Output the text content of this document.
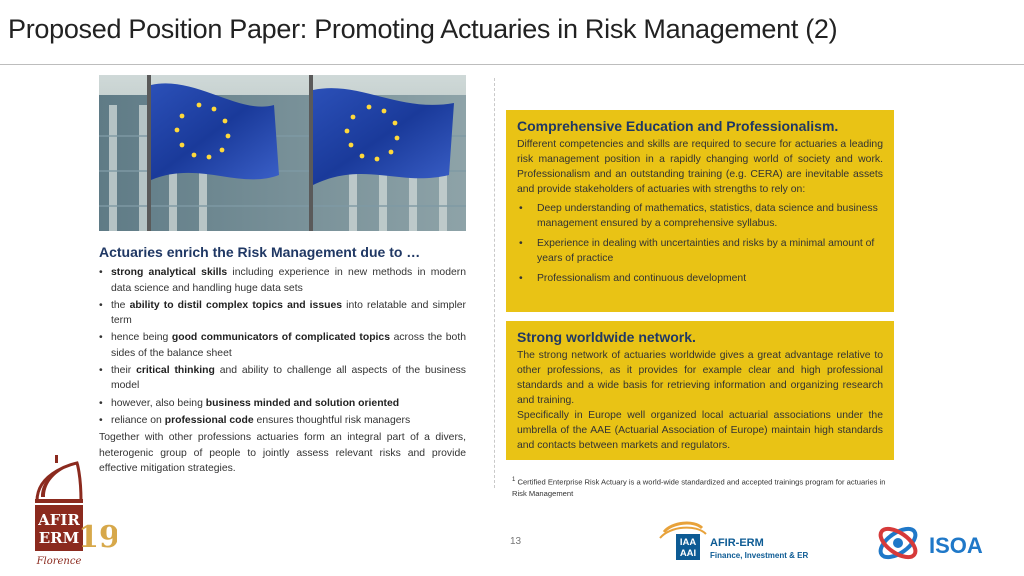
Proposed Position Paper: Promoting Actuaries in Risk Management (2)
Actuaries enrich the Risk Management due to …
• strong analytical skills including experience in new methods in modern data science and handling huge data sets
• the ability to distil complex topics and issues into relatable and simpler term
• hence being good communicators of complicated topics across the both sides of the balance sheet
• their critical thinking and ability to challenge all aspects of the business model
• however, also being business minded and solution oriented
• reliance on professional code ensures thoughtful risk managers

Together with other professions actuaries form an integral part of a divers, heterogenic group of people to jointly assess relevant risks and provide effective mitigation strategies.

Comprehensive Education and Professionalism.

Different competencies and skills are required to secure for actuaries a leading risk management position in a rapidly changing world of society and work. Professionalism and an outstanding training (e.g. CERA) are inevitable assets and provide stakeholders of actuaries with strengths to rely on:

• Deep understanding of mathematics, statistics, data science and business management ensured by a comprehensive syllabus.
• Experience in dealing with uncertainties and risks by a minimal amount of years of practice
• Professionalism and continuous development
Strong worldwide network.

The strong network of actuaries worldwide gives a great advantage relative to other professions, as it provides for example clear and high professional standards and a wide basis for retrieving information and organizing research and training.

Specifically in Europe well organized local actuarial associations under the umbrella of the AAE (Actuarial Association of Europe) maintain high standards and contacts between markets and regulators.

$^1$ Certified Enterprise Risk Actuary is a world-wide standardized and accepted trainings program for actuaries in Risk Management
13
AFIR
ERM
19
Florence
IAA
AAI
AFIR-ERM
Finance, Investment & ERM	ISOA
